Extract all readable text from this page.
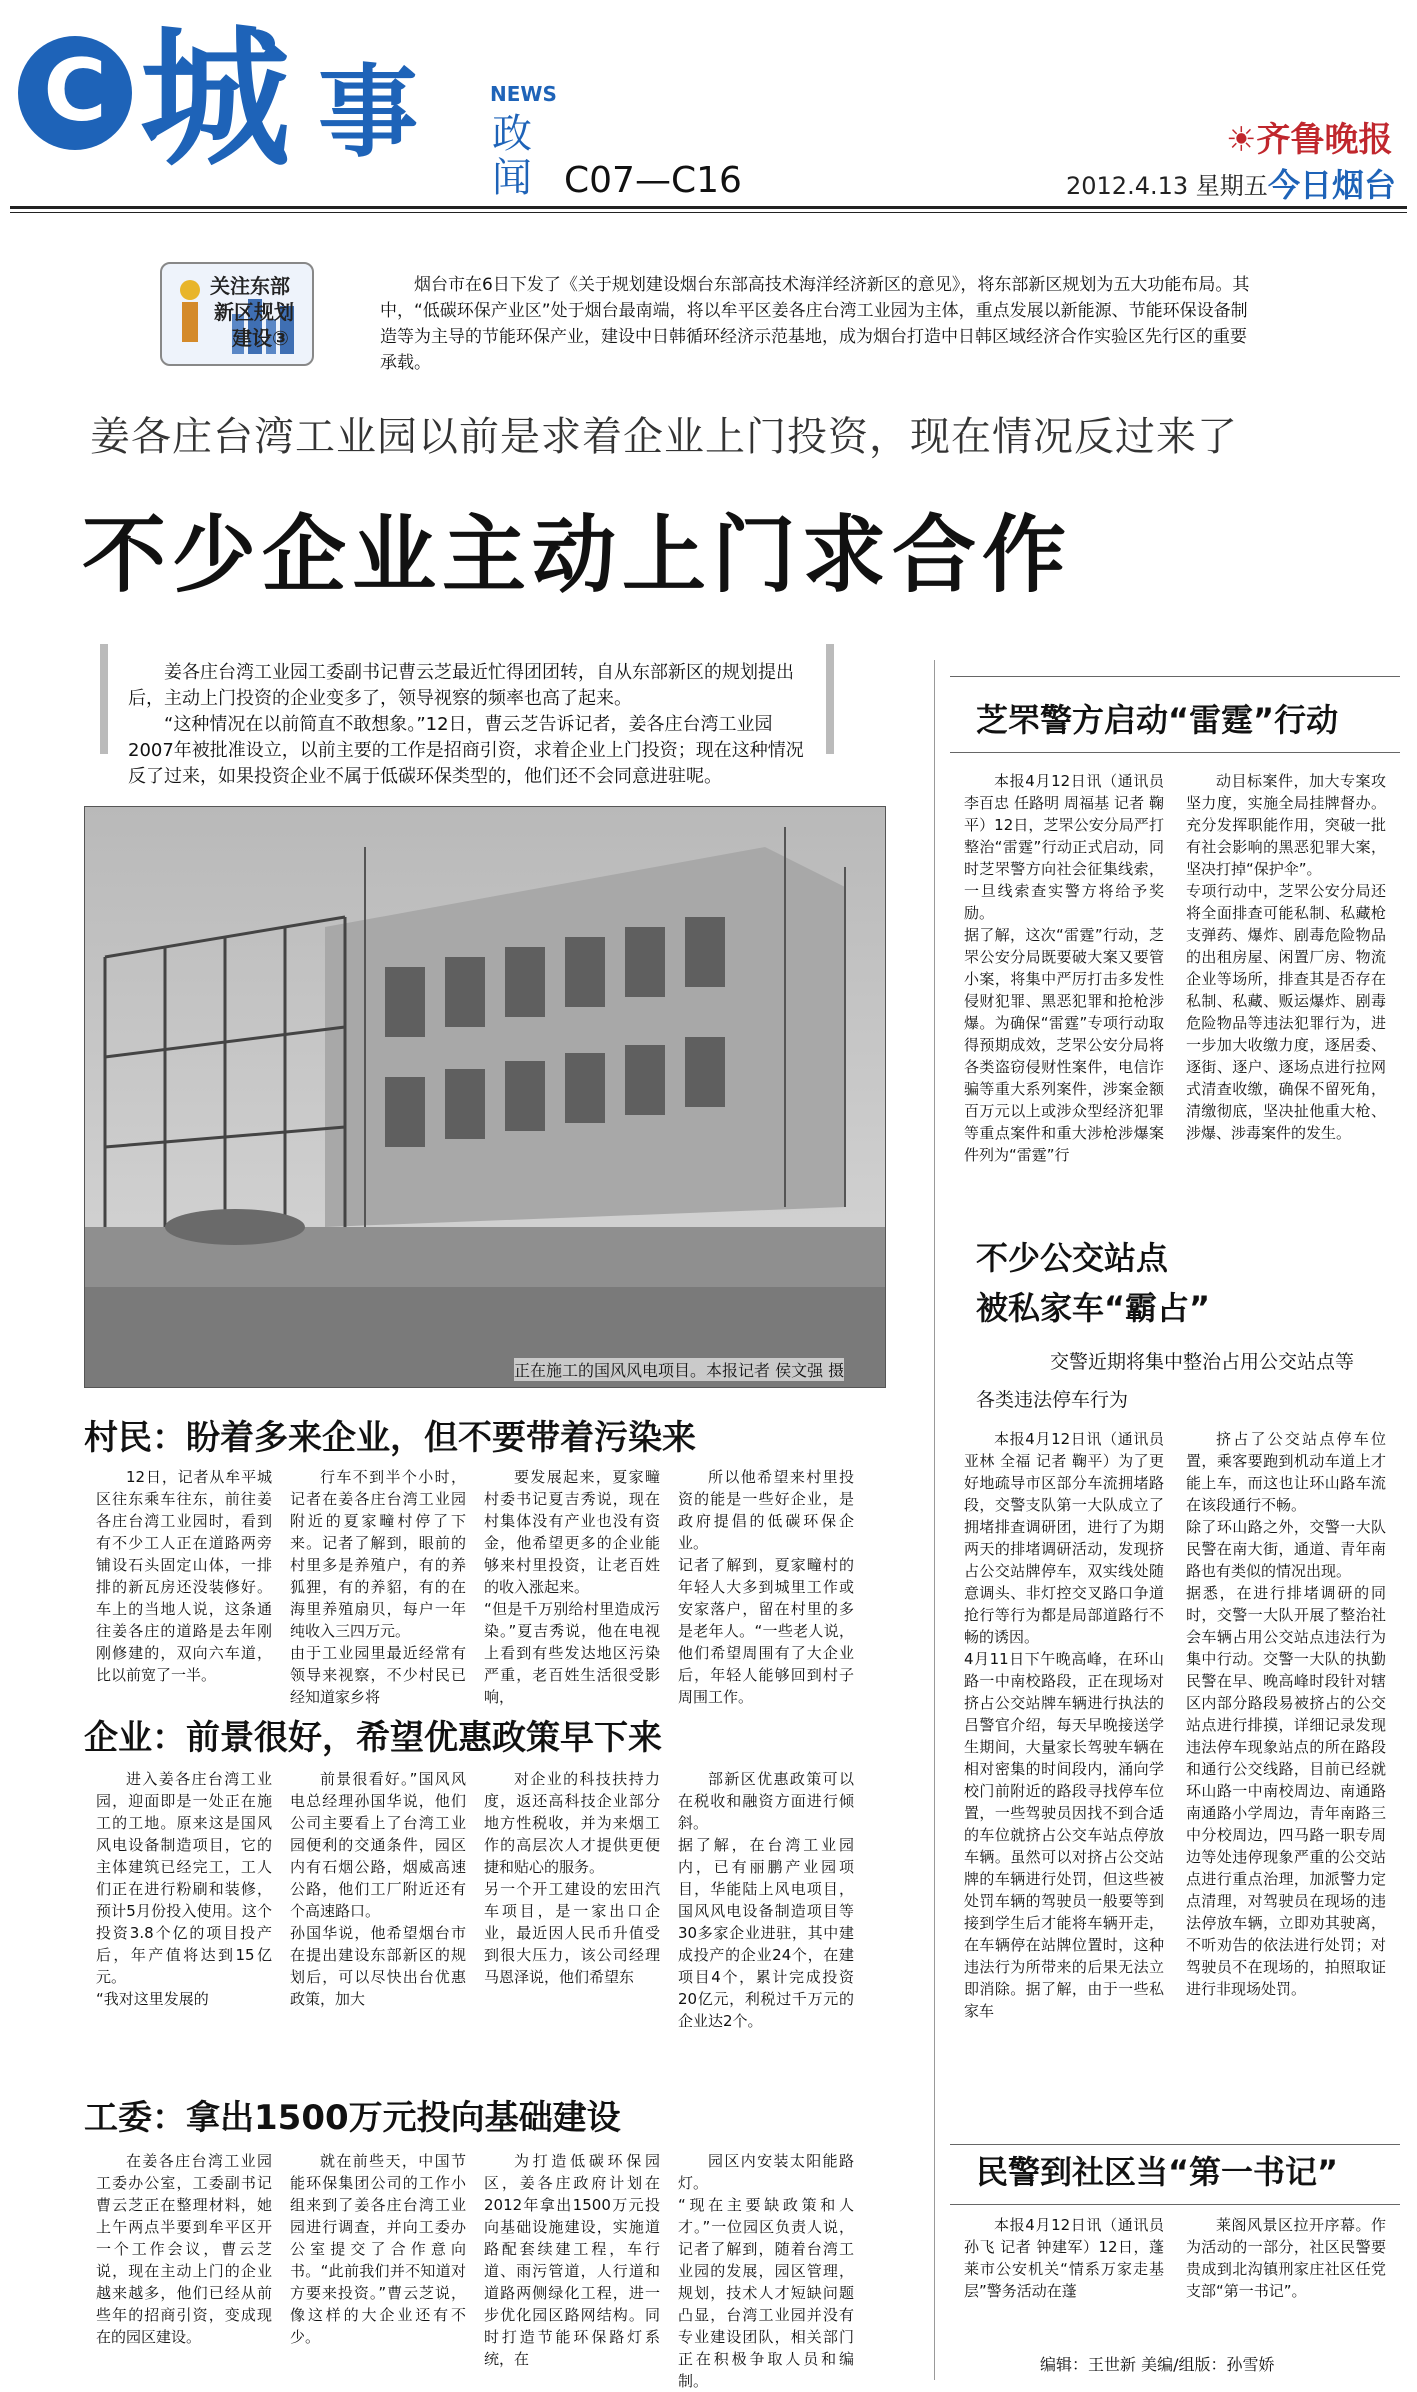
C 城 事	NEWS
政闻 C07—C16
☀齐鲁晚报
2012.4.13 星期五 今日烟台
关注东部
新区规划
建设③
烟台市在6日下发了《关于规划建设烟台东部高技术海洋经济新区的意见》，将东部新区规划为五大功能布局。其中，“低碳环保产业区”处于烟台最南端，将以牟平区姜各庄台湾工业园为主体，重点发展以新能源、节能环保设备制造等为主导的节能环保产业，建设中日韩循环经济示范基地，成为烟台打造中日韩区域经济合作实验区先行区的重要承载。
姜各庄台湾工业园以前是求着企业上门投资，现在情况反过来了
不少企业主动上门求合作

姜各庄台湾工业园工委副书记曹云芝最近忙得团团转，自从东部新区的规划提出后，主动上门投资的企业变多了，领导视察的频率也高了起来。

“这种情况在以前简直不敢想象。”12日，曹云芝告诉记者，姜各庄台湾工业园2007年被批准设立，以前主要的工作是招商引资，求着企业上门投资；现在这种情况反了过来，如果投资企业不属于低碳环保类型的，他们还不会同意进驻呢。

正在施工的国风风电项目。本报记者 侯文强 摄
村民：盼着多来企业，但不要带着污染来
12日，记者从牟平城区往东乘车往东，前往姜各庄台湾工业园时，看到有不少工人正在道路两旁铺设石头固定山体，一排排的新瓦房还没装修好。车上的当地人说，这条通往姜各庄的道路是去年刚刚修建的，双向六车道，比以前宽了一半。
行车不到半个小时，记者在姜各庄台湾工业园附近的夏家疃村停了下来。记者了解到，眼前的村里多是养殖户，有的养狐狸，有的养貂，有的在海里养殖扇贝，每户一年纯收入三四万元。
由于工业园里最近经常有领导来视察，不少村民已经知道家乡将
要发展起来，夏家疃村委书记夏吉秀说，现在村集体没有产业也没有资金，他希望更多的企业能够来村里投资，让老百姓的收入涨起来。
“但是千万别给村里造成污染。”夏吉秀说，他在电视上看到有些发达地区污染严重，老百姓生活很受影响，
所以他希望来村里投资的能是一些好企业，是政府提倡的低碳环保企业。
记者了解到，夏家疃村的年轻人大多到城里工作或安家落户，留在村里的多是老年人。“一些老人说，他们希望周围有了大企业后，年轻人能够回到村子周围工作。
企业：前景很好，希望优惠政策早下来
进入姜各庄台湾工业园，迎面即是一处正在施工的工地。原来这是国风风电设备制造项目，它的主体建筑已经完工，工人们正在进行粉刷和装修，预计5月份投入使用。这个投资3.8个亿的项目投产后，年产值将达到15亿元。
“我对这里发展的
前景很看好。”国风风电总经理孙国华说，他们公司主要看上了台湾工业园便利的交通条件，园区内有石烟公路，烟威高速公路，他们工厂附近还有个高速路口。
孙国华说，他希望烟台市在提出建设东部新区的规划后，可以尽快出台优惠政策，加大
对企业的科技扶持力度，返还高科技企业部分地方性税收，并为来烟工作的高层次人才提供更便捷和贴心的服务。
另一个开工建设的宏田汽车项目，是一家出口企业，最近因人民币升值受到很大压力，该公司经理马恩泽说，他们希望东
部新区优惠政策可以在税收和融资方面进行倾斜。
据了解，在台湾工业园内，已有丽鹏产业园项目，华能陆上风电项目，国风风电设备制造项目等30多家企业进驻，其中建成投产的企业24个，在建项目4个，累计完成投资20亿元，利税过千万元的企业达2个。
工委：拿出1500万元投向基础建设
在姜各庄台湾工业园工委办公室，工委副书记曹云芝正在整理材料，她上午两点半要到牟平区开一个工作会议，曹云芝说，现在主动上门的企业越来越多，他们已经从前些年的招商引资，变成现在的园区建设。
就在前些天，中国节能环保集团公司的工作小组来到了姜各庄台湾工业园进行调查，并向工委办公室提交了合作意向书。“此前我们并不知道对方要来投资。”曹云芝说，像这样的大企业还有不少。
为打造低碳环保园区，姜各庄政府计划在2012年拿出1500万元投向基础设施建设，实施道路配套续建工程，车行道、雨污管道，人行道和道路两侧绿化工程，进一步优化园区路网结构。同时打造节能环保路灯系统，在
园区内安装太阳能路灯。
“现在主要缺政策和人才。”一位园区负责人说，记者了解到，随着台湾工业园的发展，园区管理，规划，技术人才短缺问题凸显，台湾工业园并没有专业建设团队，相关部门正在积极争取人员和编制。
芝罘警方启动“雷霆”行动
本报4月12日讯（通讯员 李百忠 任路明 周福基 记者 鞠平）12日，芝罘公安分局严打整治“雷霆”行动正式启动，同时芝罘警方向社会征集线索，一旦线索查实警方将给予奖励。
据了解，这次“雷霆”行动，芝罘公安分局既要破大案又要管小案，将集中严厉打击多发性侵财犯罪、黑恶犯罪和抢枪涉爆。为确保“雷霆”专项行动取得预期成效，芝罘公安分局将各类盗窃侵财性案件，电信诈骗等重大系列案件，涉案金额百万元以上或涉众型经济犯罪等重点案件和重大涉枪涉爆案件列为“雷霆”行
动目标案件，加大专案攻坚力度，实施全局挂牌督办。充分发挥职能作用，突破一批有社会影响的黑恶犯罪大案，坚决打掉“保护伞”。
专项行动中，芝罘公安分局还将全面排查可能私制、私藏枪支弹药、爆炸、剧毒危险物品的出租房屋、闲置厂房、物流企业等场所，排查其是否存在私制、私藏、贩运爆炸、剧毒危险物品等违法犯罪行为，进一步加大收缴力度，逐居委、逐街、逐户、逐场点进行拉网式清查收缴，确保不留死角，清缴彻底，坚决扯他重大枪、涉爆、涉毒案件的发生。
不少公交站点
被私家车“霸占”
交警近期将集中整治占用公交站点等
各类违法停车行为
本报4月12日讯（通讯员 亚林 全福 记者 鞠平）为了更好地疏导市区部分车流拥堵路段，交警支队第一大队成立了拥堵排查调研团，进行了为期两天的排堵调研活动，发现挤占公交站牌停车，双实线处随意调头、非灯控交叉路口争道抢行等行为都是局部道路行不畅的诱因。
4月11日下午晚高峰，在环山路一中南校路段，正在现场对挤占公交站牌车辆进行执法的吕警官介绍，每天早晚接送学生期间，大量家长驾驶车辆在相对密集的时间段内，涌向学校门前附近的路段寻找停车位置，一些驾驶员因找不到合适的车位就挤占公交车站点停放车辆。虽然可以对挤占公交站牌的车辆进行处罚，但这些被处罚车辆的驾驶员一般要等到接到学生后才能将车辆开走，在车辆停在站牌位置时，这种违法行为所带来的后果无法立即消除。据了解，由于一些私家车
挤占了公交站点停车位置，乘客要跑到机动车道上才能上车，而这也让环山路车流在该段通行不畅。
除了环山路之外，交警一大队民警在南大街，通道、青年南路也有类似的情况出现。
据悉，在进行排堵调研的同时，交警一大队开展了整治社会车辆占用公交站点违法行为集中行动。交警一大队的执勤民警在早、晚高峰时段针对辖区内部分路段易被挤占的公交站点进行排摸，详细记录发现违法停车现象站点的所在路段和通行公交线路，目前已经就环山路一中南校周边、南通路南通路小学周边，青年南路三中分校周边，四马路一职专周边等处违停现象严重的公交站点进行重点治理，加派警力定点清理，对驾驶员在现场的违法停放车辆，立即劝其驶离，不听劝告的依法进行处罚；对驾驶员不在现场的，拍照取证进行非现场处罚。
民警到社区当“第一书记”
本报4月12日讯（通讯员 孙飞 记者 钟建军）12日，蓬莱市公安机关“情系万家走基层”警务活动在蓬
莱阁风景区拉开序幕。作为活动的一部分，社区民警要贵成到北沟镇刑家庄社区任党支部“第一书记”。
编辑：王世新 美编/组版：孙雪娇
